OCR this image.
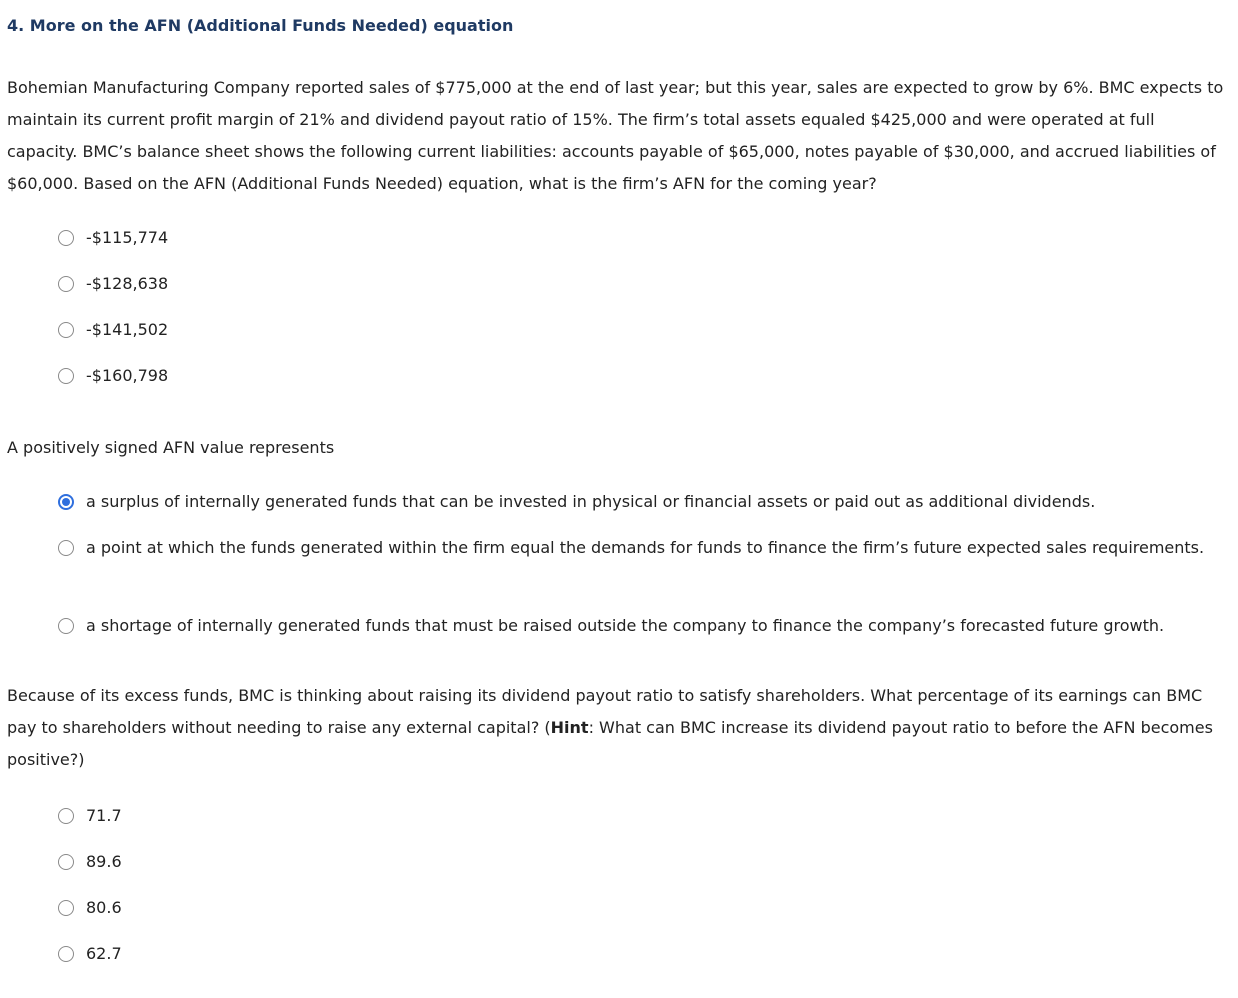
4. More on the AFN (Additional Funds Needed) equation
Bohemian Manufacturing Company reported sales of $775,000 at the end of last year; but this year, sales are expected to grow by 6%. BMC expects to maintain its current profit margin of 21% and dividend payout ratio of 15%. The firm’s total assets equaled $425,000 and were operated at full capacity. BMC’s balance sheet shows the following current liabilities: accounts payable of $65,000, notes payable of $30,000, and accrued liabilities of $60,000. Based on the AFN (Additional Funds Needed) equation, what is the firm’s AFN for the coming year?
-$115,774
-$128,638
-$141,502
-$160,798
A positively signed AFN value represents
a surplus of internally generated funds that can be invested in physical or financial assets or paid out as additional dividends.
a point at which the funds generated within the firm equal the demands for funds to finance the firm’s future expected sales requirements.
a shortage of internally generated funds that must be raised outside the company to finance the company’s forecasted future growth.
Because of its excess funds, BMC is thinking about raising its dividend payout ratio to satisfy shareholders. What percentage of its earnings can BMC pay to shareholders without needing to raise any external capital? (Hint: What can BMC increase its dividend payout ratio to before the AFN becomes positive?)
71.7
89.6
80.6
62.7
